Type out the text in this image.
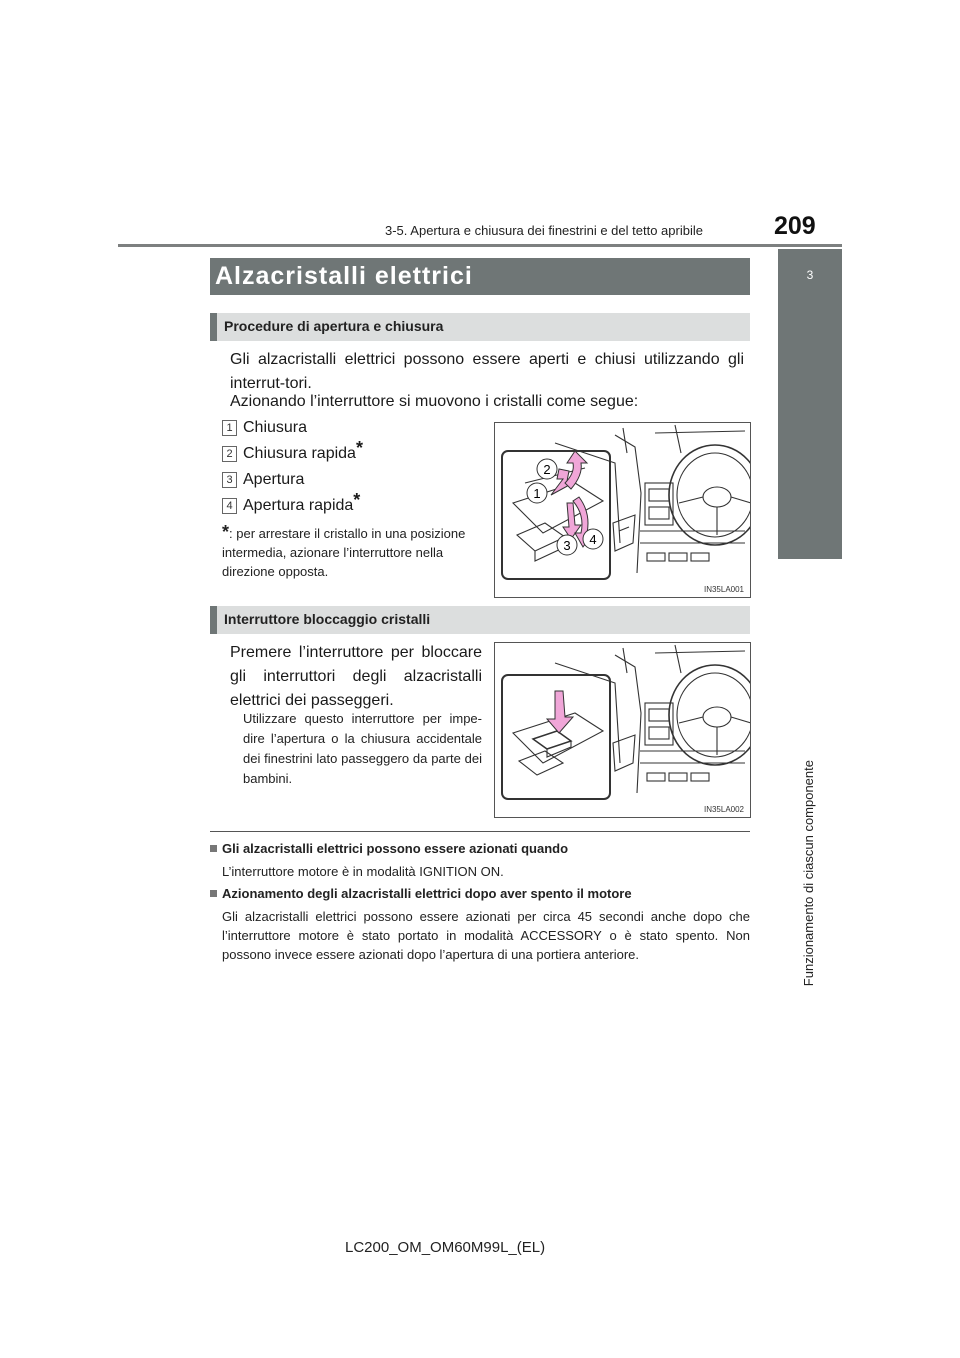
3-5. Apertura e chiusura dei finestrini e del tetto apribile	209
3
Funzionamento di ciascun componente
Alzacristalli elettrici
Procedure di apertura e chiusura
Gli alzacristalli elettrici possono essere aperti e chiusi utilizzando gli interrut-tori.
Azionando l’interruttore si muovono i cristalli come segue:
1 Chiusura
2 Chiusura rapida*
3 Apertura
4 Apertura rapida*
*: per arrestare il cristallo in una posizione intermedia, azionare l’interruttore nella direzione opposta.
2
1
3 4
IN35LA001
Interruttore bloccaggio cristalli
Premere l’interruttore per bloccare gli interruttori degli alzacristalli elettrici dei passeggeri.
Utilizzare questo interruttore per impe-dire l’apertura o la chiusura accidentale dei finestrini lato passeggero da parte dei bambini.
IN35LA002
Gli alzacristalli elettrici possono essere azionati quando
L’interruttore motore è in modalità IGNITION ON.
Azionamento degli alzacristalli elettrici dopo aver spento il motore
Gli alzacristalli elettrici possono essere azionati per circa 45 secondi anche dopo che l’interruttore motore è stato portato in modalità ACCESSORY o è stato spento. Non possono invece essere azionati dopo l’apertura di una portiera anteriore.
LC200_OM_OM60M99L_(EL)
